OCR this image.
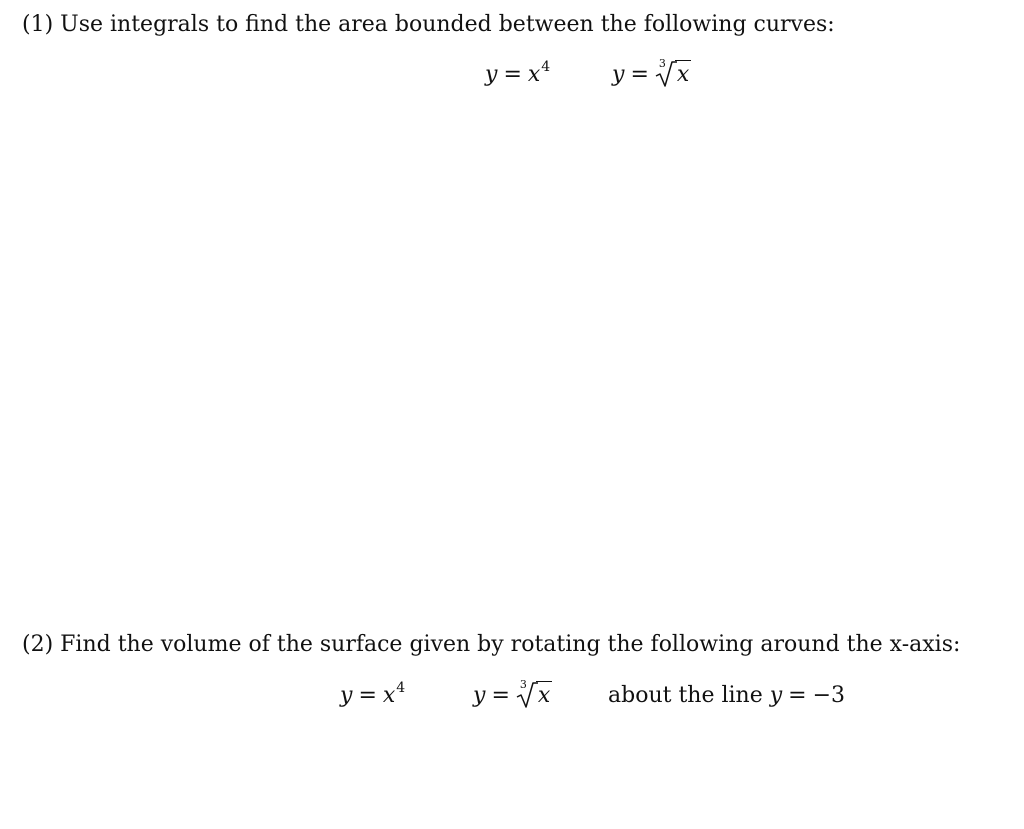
(1) Use integrals to find the area bounded between the following curves:
$y = x^4$	y = 3 x
(2) Find the volume of the surface given by rotating the following around the x-axis:
$y = x^4$	y = 3 x	about the line y = −3
